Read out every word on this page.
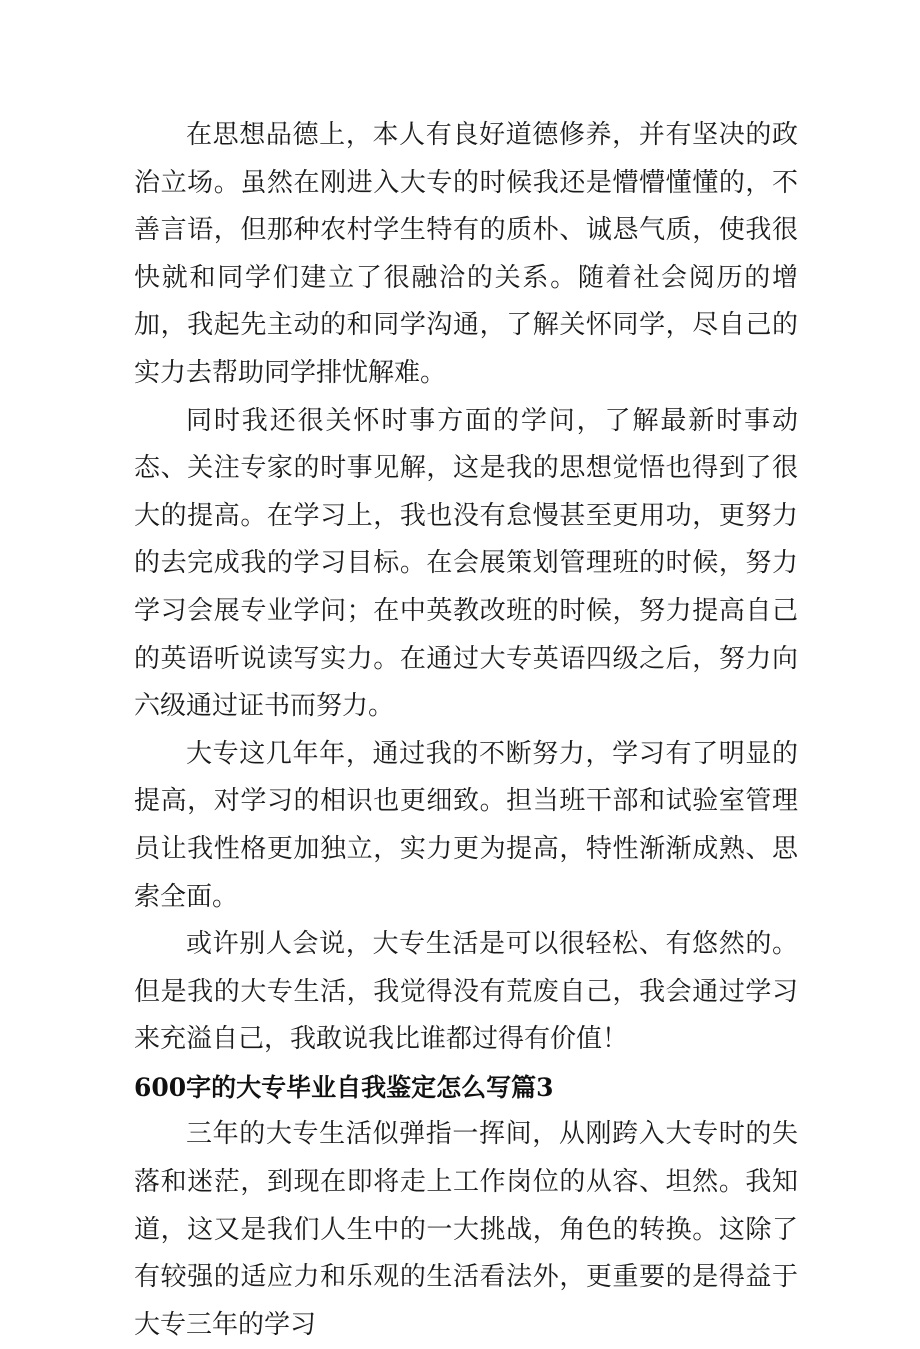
在思想品德上，本人有良好道德修养，并有坚决的政治立场。虽然在刚进入大专的时候我还是懵懵懂懂的，不善言语，但那种农村学生特有的质朴、诚恳气质，使我很快就和同学们建立了很融洽的关系。随着社会阅历的增加，我起先主动的和同学沟通，了解关怀同学，尽自己的实力去帮助同学排忧解难。

同时我还很关怀时事方面的学问，了解最新时事动态、关注专家的时事见解，这是我的思想觉悟也得到了很大的提高。在学习上，我也没有怠慢甚至更用功，更努力的去完成我的学习目标。在会展策划管理班的时候，努力学习会展专业学问；在中英教改班的时候，努力提高自己的英语听说读写实力。在通过大专英语四级之后，努力向六级通过证书而努力。

大专这几年年，通过我的不断努力，学习有了明显的提高，对学习的相识也更细致。担当班干部和试验室管理员让我性格更加独立，实力更为提高，特性渐渐成熟、思索全面。

或许别人会说，大专生活是可以很轻松、有悠然的。但是我的大专生活，我觉得没有荒废自己，我会通过学习来充溢自己，我敢说我比谁都过得有价值！

600字的大专毕业自我鉴定怎么写篇3

三年的大专生活似弹指一挥间，从刚跨入大专时的失落和迷茫，到现在即将走上工作岗位的从容、坦然。我知道，这又是我们人生中的一大挑战，角色的转换。这除了有较强的适应力和乐观的生活看法外，更重要的是得益于大专三年的学习
